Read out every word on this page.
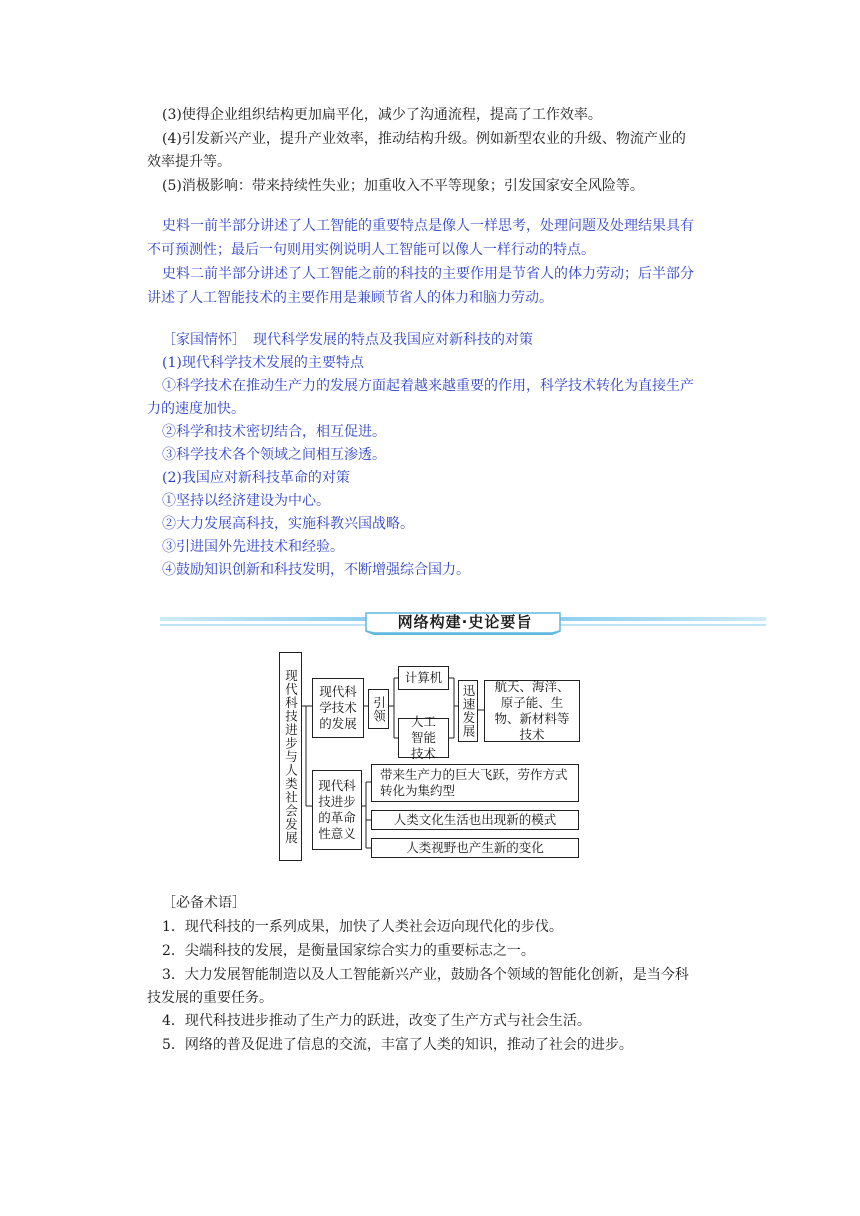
(3)使得企业组织结构更加扁平化，减少了沟通流程，提高了工作效率。
(4)引发新兴产业，提升产业效率，推动结构升级。例如新型农业的升级、物流产业的
效率提升等。
(5)消极影响：带来持续性失业；加重收入不平等现象；引发国家安全风险等。
史料一前半部分讲述了人工智能的重要特点是像人一样思考，处理问题及处理结果具有
不可预测性；最后一句则用实例说明人工智能可以像人一样行动的特点。
史料二前半部分讲述了人工智能之前的科技的主要作用是节省人的体力劳动；后半部分
讲述了人工智能技术的主要作用是兼顾节省人的体力和脑力劳动。
［家国情怀］　现代科学发展的特点及我国应对新科技的对策
(1)现代科学技术发展的主要特点
①科学技术在推动生产力的发展方面起着越来越重要的作用，科学技术转化为直接生产
力的速度加快。
②科学和技术密切结合，相互促进。
③科学技术各个领域之间相互渗透。
(2)我国应对新科技革命的对策
①坚持以经济建设为中心。
②大力发展高科技，实施科教兴国战略。
③引进国外先进技术和经验。
④鼓励知识创新和科技发明，不断增强综合国力。
网络构建·史论要旨
现代科技进步与人类社会发展	现代科学技术的发展
引领
计算机
人工智能技术
迅速发展	航天、海洋、原子能、生物、新材料等技术
现代科技进步的革命性意义
带来生产力的巨大飞跃，劳作方式转化为集约型
人类文化生活也出现新的模式
人类视野也产生新的变化
［必备术语］
1．现代科技的一系列成果，加快了人类社会迈向现代化的步伐。
2．尖端科技的发展，是衡量国家综合实力的重要标志之一。
3．大力发展智能制造以及人工智能新兴产业，鼓励各个领域的智能化创新，是当今科
技发展的重要任务。
4．现代科技进步推动了生产力的跃进，改变了生产方式与社会生活。
5．网络的普及促进了信息的交流，丰富了人类的知识，推动了社会的进步。
